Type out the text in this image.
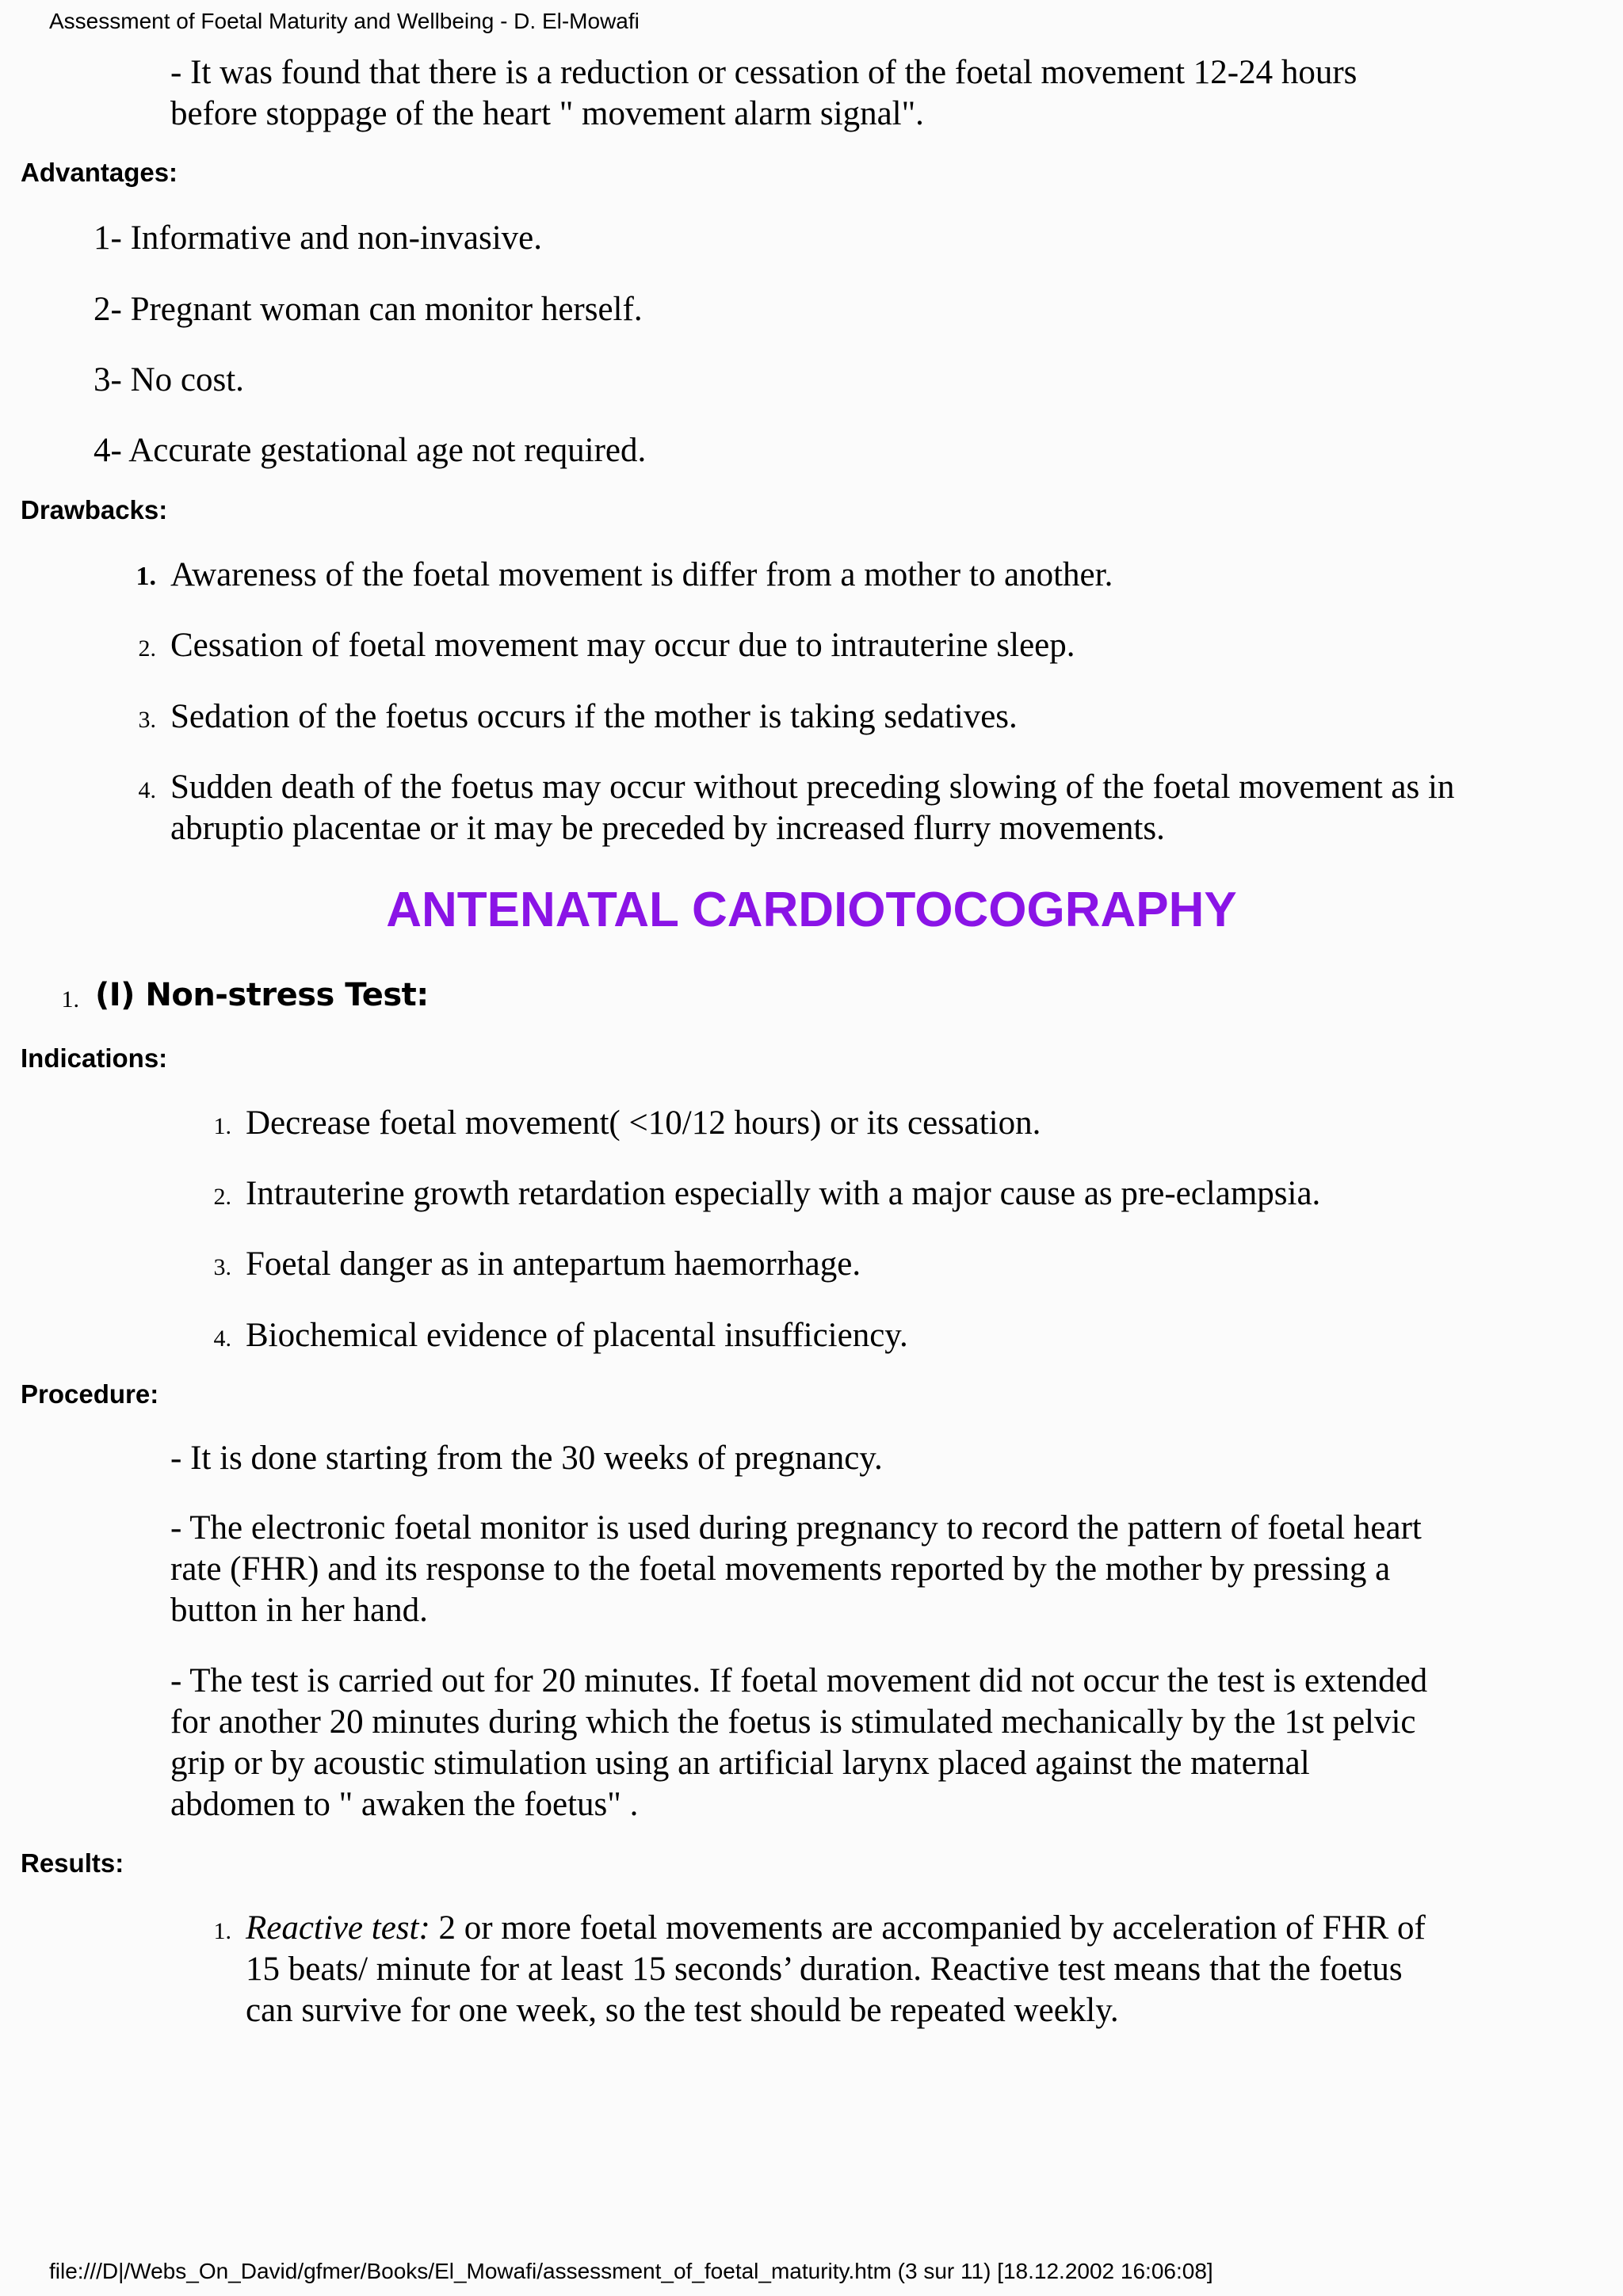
Assessment of Foetal Maturity and Wellbeing - D. El-Mowafi

- It was found that there is a reduction or cessation of the foetal movement 12-24 hours before stoppage of the heart " movement alarm signal".

Advantages:
1- Informative and non-invasive.
2- Pregnant woman can monitor herself.
3- No cost.
4- Accurate gestational age not required.
Drawbacks:
1. Awareness of the foetal movement is differ from a mother to another.
2. Cessation of foetal movement may occur due to intrauterine sleep.
3. Sedation of the foetus occurs if the mother is taking sedatives.
4. Sudden death of the foetus may occur without preceding slowing of the foetal movement as in abruptio placentae or it may be preceded by increased flurry movements.
ANTENATAL CARDIOTOCOGRAPHY
1. (I) Non-stress Test:
Indications:
1. Decrease foetal movement( <10/12 hours) or its cessation.
2. Intrauterine growth retardation especially with a major cause as pre-eclampsia.
3. Foetal danger as in antepartum haemorrhage.
4. Biochemical evidence of placental insufficiency.
Procedure:

- It is done starting from the 30 weeks of pregnancy.

- The electronic foetal monitor is used during pregnancy to record the pattern of foetal heart rate (FHR) and its response to the foetal movements reported by the mother by pressing a button in her hand.

- The test is carried out for 20 minutes. If foetal movement did not occur the test is extended for another 20 minutes during which the foetus is stimulated mechanically by the 1st pelvic grip or by acoustic stimulation using an artificial larynx placed against the maternal abdomen to " awaken the foetus" .

Results:
1. Reactive test: 2 or more foetal movements are accompanied by acceleration of FHR of 15 beats/ minute for at least 15 seconds’ duration. Reactive test means that the foetus can survive for one week, so the test should be repeated weekly.
file:///D|/Webs_On_David/gfmer/Books/El_Mowafi/assessment_of_foetal_maturity.htm (3 sur 11) [18.12.2002 16:06:08]
